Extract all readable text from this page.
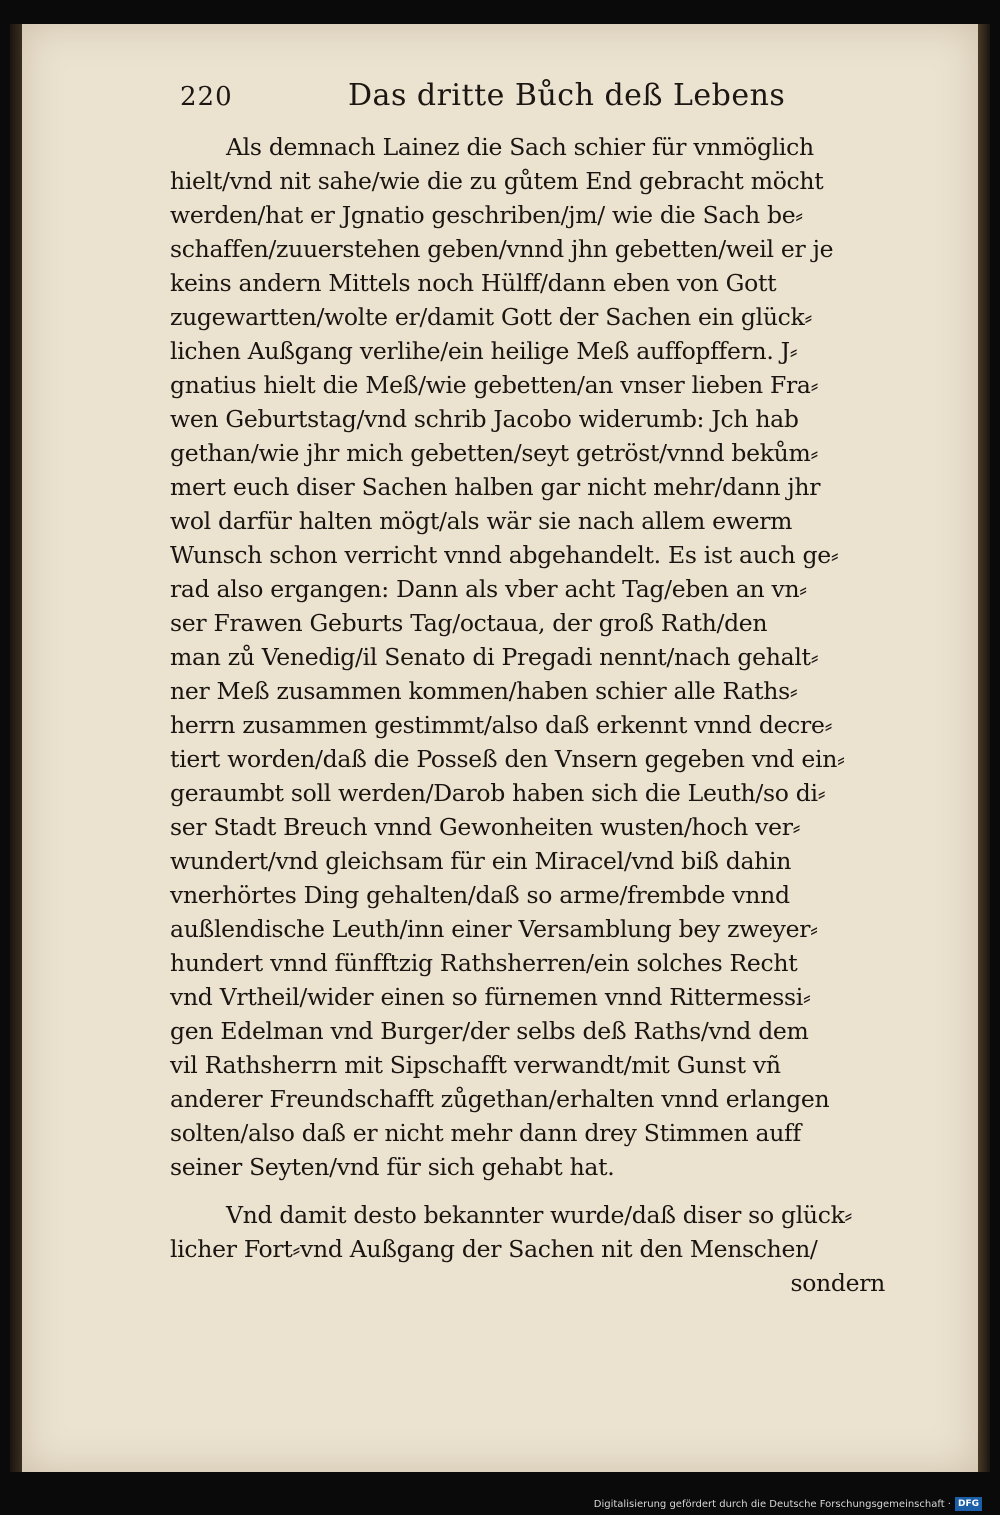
220	Das dritte Bůch deß Lebens
Als demnach Lainez die Sach schier für vnmöglich
hielt/vnd nit sahe/wie die zu gůtem End gebracht möcht
werden/hat er Jgnatio geschriben/jm/ wie die Sach be⸗
schaffen/zuuerstehen geben/vnnd jhn gebetten/weil er je
keins andern Mittels noch Hülff/dann eben von Gott
zugewartten/wolte er/damit Gott der Sachen ein glück⸗
lichen Außgang verlihe/ein heilige Meß auffopffern. J⸗
gnatius hielt die Meß/wie gebetten/an vnser lieben Fra⸗
wen Geburtstag/vnd schrib Jacobo widerumb: Jch hab
gethan/wie jhr mich gebetten/seyt getröst/vnnd bekům⸗
mert euch diser Sachen halben gar nicht mehr/dann jhr
wol darfür halten mögt/als wär sie nach allem ewerm
Wunsch schon verricht vnnd abgehandelt. Es ist auch ge⸗
rad also ergangen: Dann als vber acht Tag/eben an vn⸗
ser Frawen Geburts Tag/octaua, der groß Rath/den
man zů Venedig/il Senato di Pregadi nennt/nach gehalt⸗
ner Meß zusammen kommen/haben schier alle Raths⸗
herrn zusammen gestimmt/also daß erkennt vnnd decre⸗
tiert worden/daß die Posseß den Vnsern gegeben vnd ein⸗
geraumbt soll werden/Darob haben sich die Leuth/so di⸗
ser Stadt Breuch vnnd Gewonheiten wusten/hoch ver⸗
wundert/vnd gleichsam für ein Miracel/vnd biß dahin
vnerhörtes Ding gehalten/daß so arme/frembde vnnd
außlendische Leuth/inn einer Versamblung bey zweyer⸗
hundert vnnd fünfftzig Rathsherren/ein solches Recht
vnd Vrtheil/wider einen so fürnemen vnnd Rittermessi⸗
gen Edelman vnd Burger/der selbs deß Raths/vnd dem
vil Rathsherrn mit Sipschafft verwandt/mit Gunst vñ
anderer Freundschafft zůgethan/erhalten vnnd erlangen
solten/also daß er nicht mehr dann drey Stimmen auff
seiner Seyten/vnd für sich gehabt hat.
Vnd damit desto bekannter wurde/daß diser so glück⸗
licher Fort⸗vnd Außgang der Sachen nit den Menschen/
sondern
Digitalisierung gefördert durch die Deutsche Forschungsgemeinschaft · DFG
